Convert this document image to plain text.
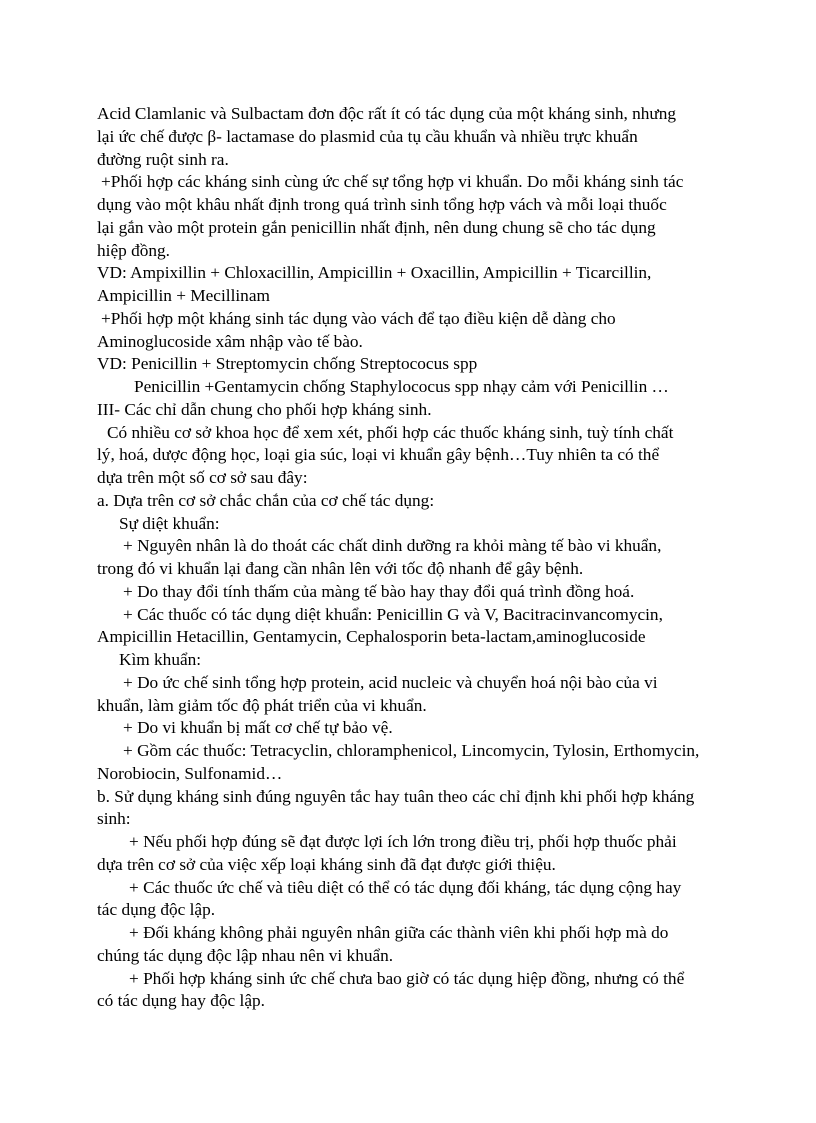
Acid Clamlanic và Sulbactam đơn độc rất ít có tác dụng của một kháng sinh, nhưng
lại ức chế được β- lactamase do plasmid của tụ cầu khuẩn và nhiều trực khuẩn
đường ruột sinh ra.
+Phối hợp các kháng sinh cùng ức chế sự tổng hợp vi khuẩn. Do mỗi kháng sinh tác
dụng vào một khâu nhất định trong quá trình sinh tổng hợp vách và mỗi loại thuốc
lại gắn vào một protein gắn penicillin nhất định, nên dung chung sẽ cho tác dụng
hiệp đồng.
VD: Ampixillin + Chloxacillin, Ampicillin + Oxacillin, Ampicillin + Ticarcillin,
Ampicillin + Mecillinam
+Phối hợp một kháng sinh tác dụng vào vách để tạo điều kiện dễ dàng cho
Aminoglucoside xâm nhập vào tế bào.
VD: Penicillin + Streptomycin chống Streptococus spp
Penicillin +Gentamycin chống Staphylococus spp nhạy cảm với Penicillin …
III- Các chỉ dẫn chung cho phối hợp kháng sinh.
Có nhiều cơ sở khoa học để xem xét, phối hợp các thuốc kháng sinh, tuỳ tính chất
lý, hoá, dược động học, loại gia súc, loại vi khuẩn gây bệnh…Tuy nhiên ta có thể
dựa trên một số cơ sở sau đây:
a. Dựa trên cơ sở chắc chắn của cơ chế tác dụng:
Sự diệt khuẩn:
+ Nguyên nhân là do thoát các chất dinh dưỡng ra khỏi màng tế bào vi khuẩn,
trong đó vi khuẩn lại đang cần nhân lên với tốc độ nhanh để gây bệnh.
+ Do thay đổi tính thấm của màng tế bào hay thay đổi quá trình đồng hoá.
+ Các thuốc có tác dụng diệt khuẩn: Penicillin G và V, Bacitracinvancomycin,
Ampicillin Hetacillin, Gentamycin, Cephalosporin beta-lactam,aminoglucoside
Kìm khuẩn:
+ Do ức chế sinh tổng hợp protein, acid nucleic và chuyển hoá nội bào của vi
khuẩn, làm giảm tốc độ phát triển của vi khuẩn.
+ Do vi khuẩn bị mất cơ chế tự bảo vệ.
+ Gồm các thuốc: Tetracyclin, chloramphenicol, Lincomycin, Tylosin, Erthomycin,
Norobiocin, Sulfonamid…
b. Sử dụng kháng sinh đúng nguyên tắc hay tuân theo các chỉ định khi phối hợp kháng
sinh:
+ Nếu phối hợp đúng sẽ đạt được lợi ích lớn trong điều trị, phối hợp thuốc phải
dựa trên cơ sở của việc xếp loại kháng sinh đã đạt được giới thiệu.
+ Các thuốc ức chế và tiêu diệt có thể có tác dụng đối kháng, tác dụng cộng hay
tác dụng độc lập.
+ Đối kháng không phải nguyên nhân giữa các thành viên khi phối hợp mà do
chúng tác dụng độc lập nhau nên vi khuẩn.
+ Phối hợp kháng sinh ức chế chưa bao giờ có tác dụng hiệp đồng, nhưng có thể
có tác dụng hay độc lập.
